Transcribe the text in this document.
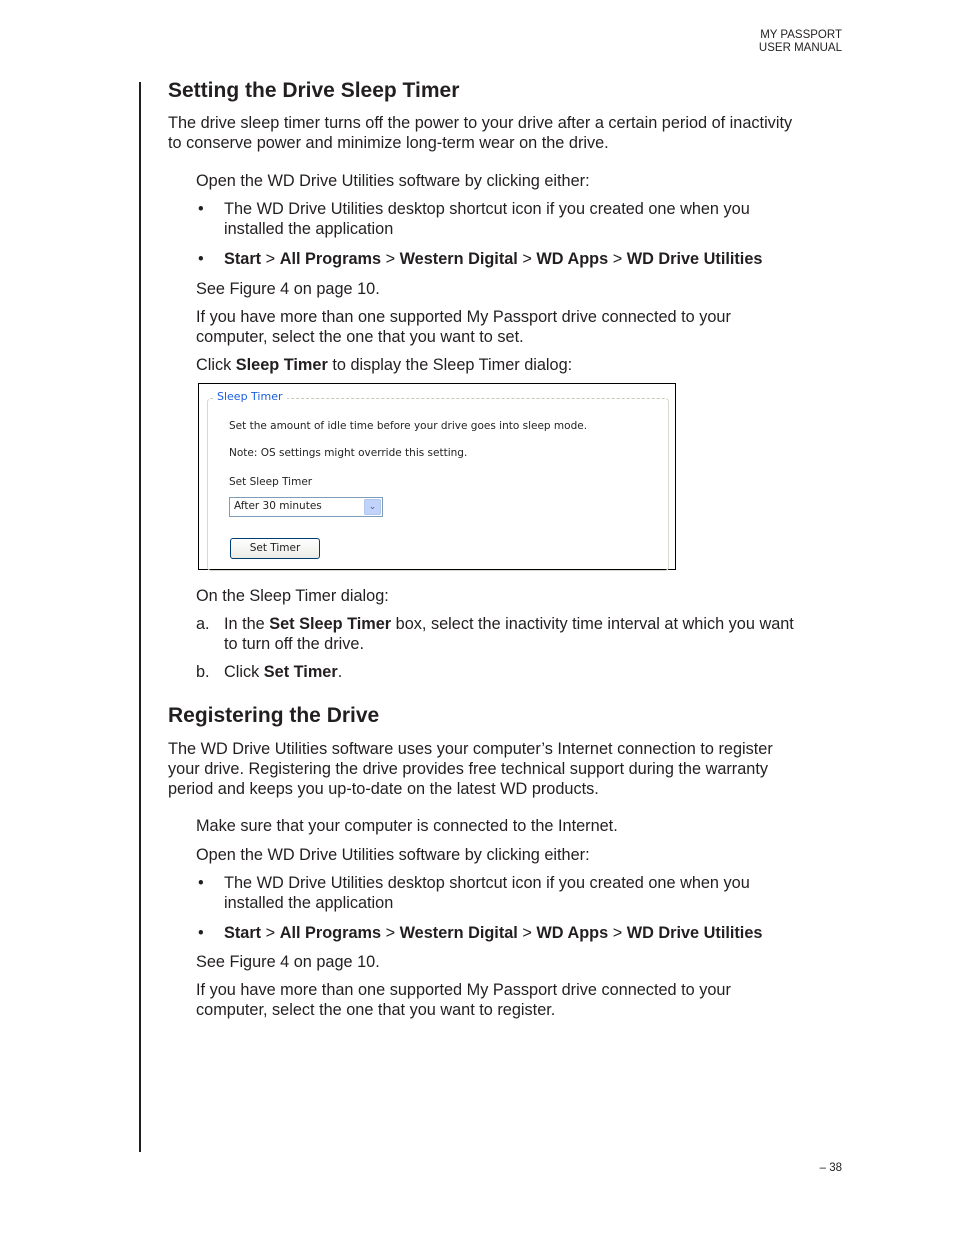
MY PASSPORT
USER MANUAL
Setting the Drive Sleep Timer
The drive sleep timer turns off the power to your drive after a certain period of inactivity
to conserve power and minimize long-term wear on the drive.
Open the WD Drive Utilities software by clicking either:
• The WD Drive Utilities desktop shortcut icon if you created one when you
installed the application
• Start > All Programs > Western Digital > WD Apps > WD Drive Utilities
See Figure 4 on page 10.
If you have more than one supported My Passport drive connected to your
computer, select the one that you want to set.
Click Sleep Timer to display the Sleep Timer dialog:
Sleep Timer
Set the amount of idle time before your drive goes into sleep mode.
Note: OS settings might override this setting.
Set Sleep Timer
After 30 minutes	⌄
Set Timer
On the Sleep Timer dialog:
a. In the Set Sleep Timer box, select the inactivity time interval at which you want
to turn off the drive.
b. Click Set Timer.
Registering the Drive
The WD Drive Utilities software uses your computer’s Internet connection to register
your drive. Registering the drive provides free technical support during the warranty
period and keeps you up-to-date on the latest WD products.
Make sure that your computer is connected to the Internet.
Open the WD Drive Utilities software by clicking either:
• The WD Drive Utilities desktop shortcut icon if you created one when you
installed the application
• Start > All Programs > Western Digital > WD Apps > WD Drive Utilities
See Figure 4 on page 10.
If you have more than one supported My Passport drive connected to your
computer, select the one that you want to register.
– 38
